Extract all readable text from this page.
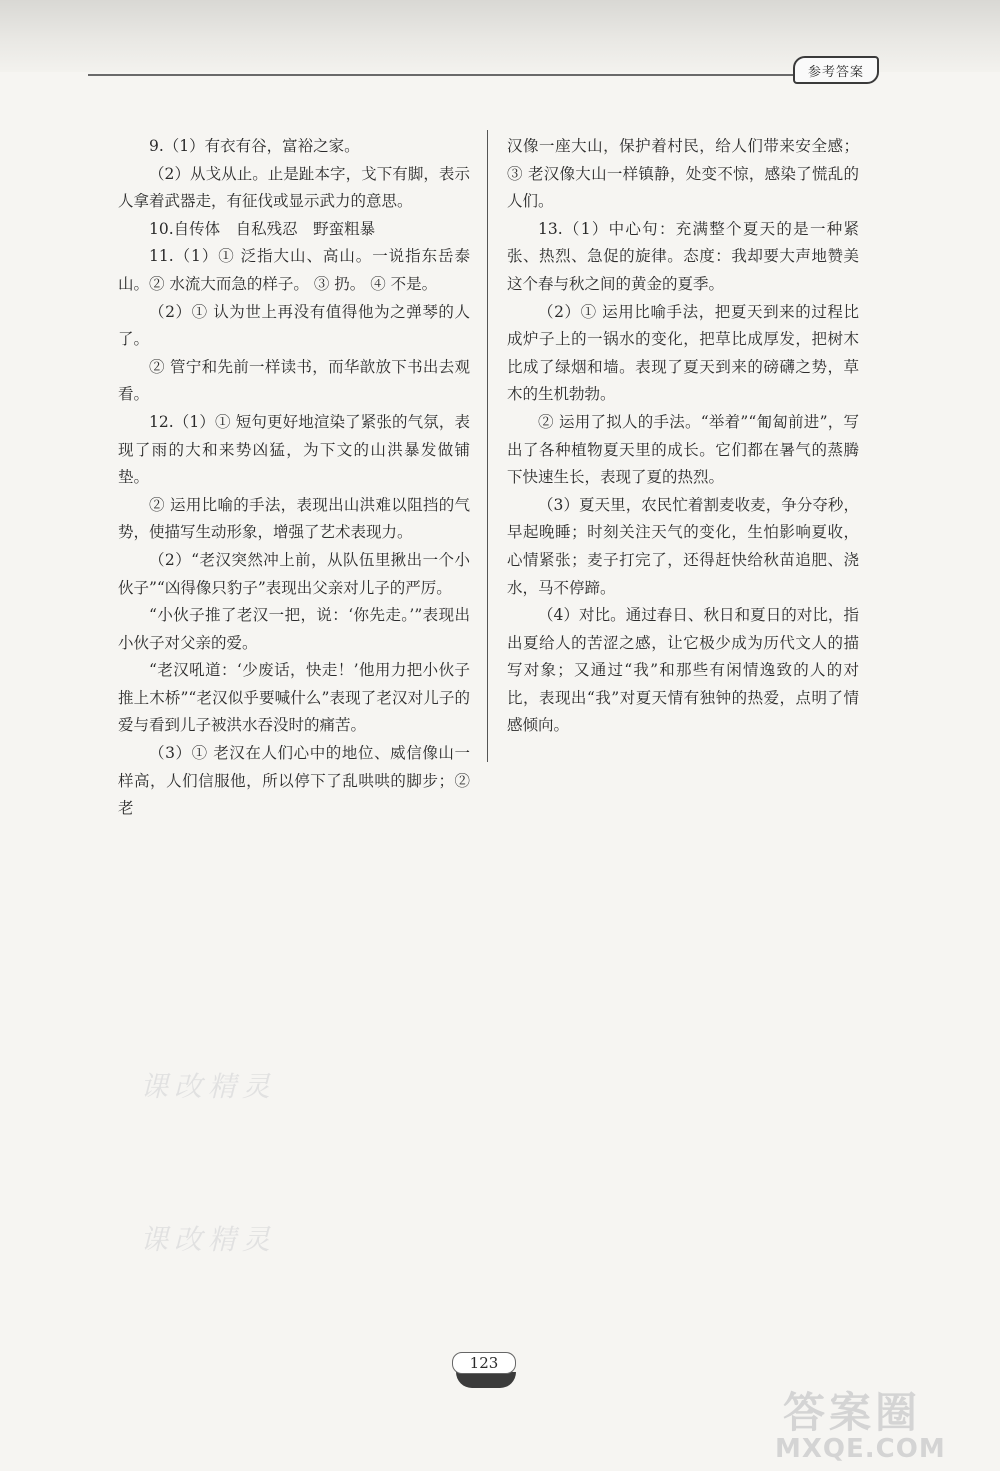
参考答案

9.（1）有衣有谷，富裕之家。

（2）从戈从止。止是趾本字，戈下有脚，表示人拿着武器走，有征伐或显示武力的意思。

10.自传体　自私残忍　野蛮粗暴

11.（1）① 泛指大山、高山。一说指东岳泰山。② 水流大而急的样子。 ③ 扔。 ④ 不是。

（2）① 认为世上再没有值得他为之弹琴的人了。

② 管宁和先前一样读书，而华歆放下书出去观看。

12.（1）① 短句更好地渲染了紧张的气氛，表现了雨的大和来势凶猛，为下文的山洪暴发做铺垫。

② 运用比喻的手法，表现出山洪难以阻挡的气势，使描写生动形象，增强了艺术表现力。

（2）“老汉突然冲上前，从队伍里揪出一个小伙子”“凶得像只豹子”表现出父亲对儿子的严厉。

“小伙子推了老汉一把，说：‘你先走。’”表现出小伙子对父亲的爱。

“老汉吼道：‘少废话，快走！’他用力把小伙子推上木桥”“老汉似乎要喊什么”表现了老汉对儿子的爱与看到儿子被洪水吞没时的痛苦。

（3）① 老汉在人们心中的地位、威信像山一样高，人们信服他，所以停下了乱哄哄的脚步；② 老

汉像一座大山，保护着村民，给人们带来安全感；③ 老汉像大山一样镇静，处变不惊，感染了慌乱的人们。

13.（1）中心句：充满整个夏天的是一种紧张、热烈、急促的旋律。态度：我却要大声地赞美这个春与秋之间的黄金的夏季。

（2）① 运用比喻手法，把夏天到来的过程比成炉子上的一锅水的变化，把草比成厚发，把树木比成了绿烟和墙。表现了夏天到来的磅礴之势，草木的生机勃勃。

② 运用了拟人的手法。“举着”“匍匐前进”，写出了各种植物夏天里的成长。它们都在暑气的蒸腾下快速生长，表现了夏的热烈。

（3）夏天里，农民忙着割麦收麦，争分夺秒，早起晚睡；时刻关注天气的变化，生怕影响夏收，心情紧张；麦子打完了，还得赶快给秋苗追肥、浇水，马不停蹄。

（4）对比。通过春日、秋日和夏日的对比，指出夏给人的苦涩之感，让它极少成为历代文人的描写对象；又通过“我”和那些有闲情逸致的人的对比，表现出“我”对夏天情有独钟的热爱，点明了情感倾向。

课改精灵
课改精灵
123
答案圈
MXQE.COM
